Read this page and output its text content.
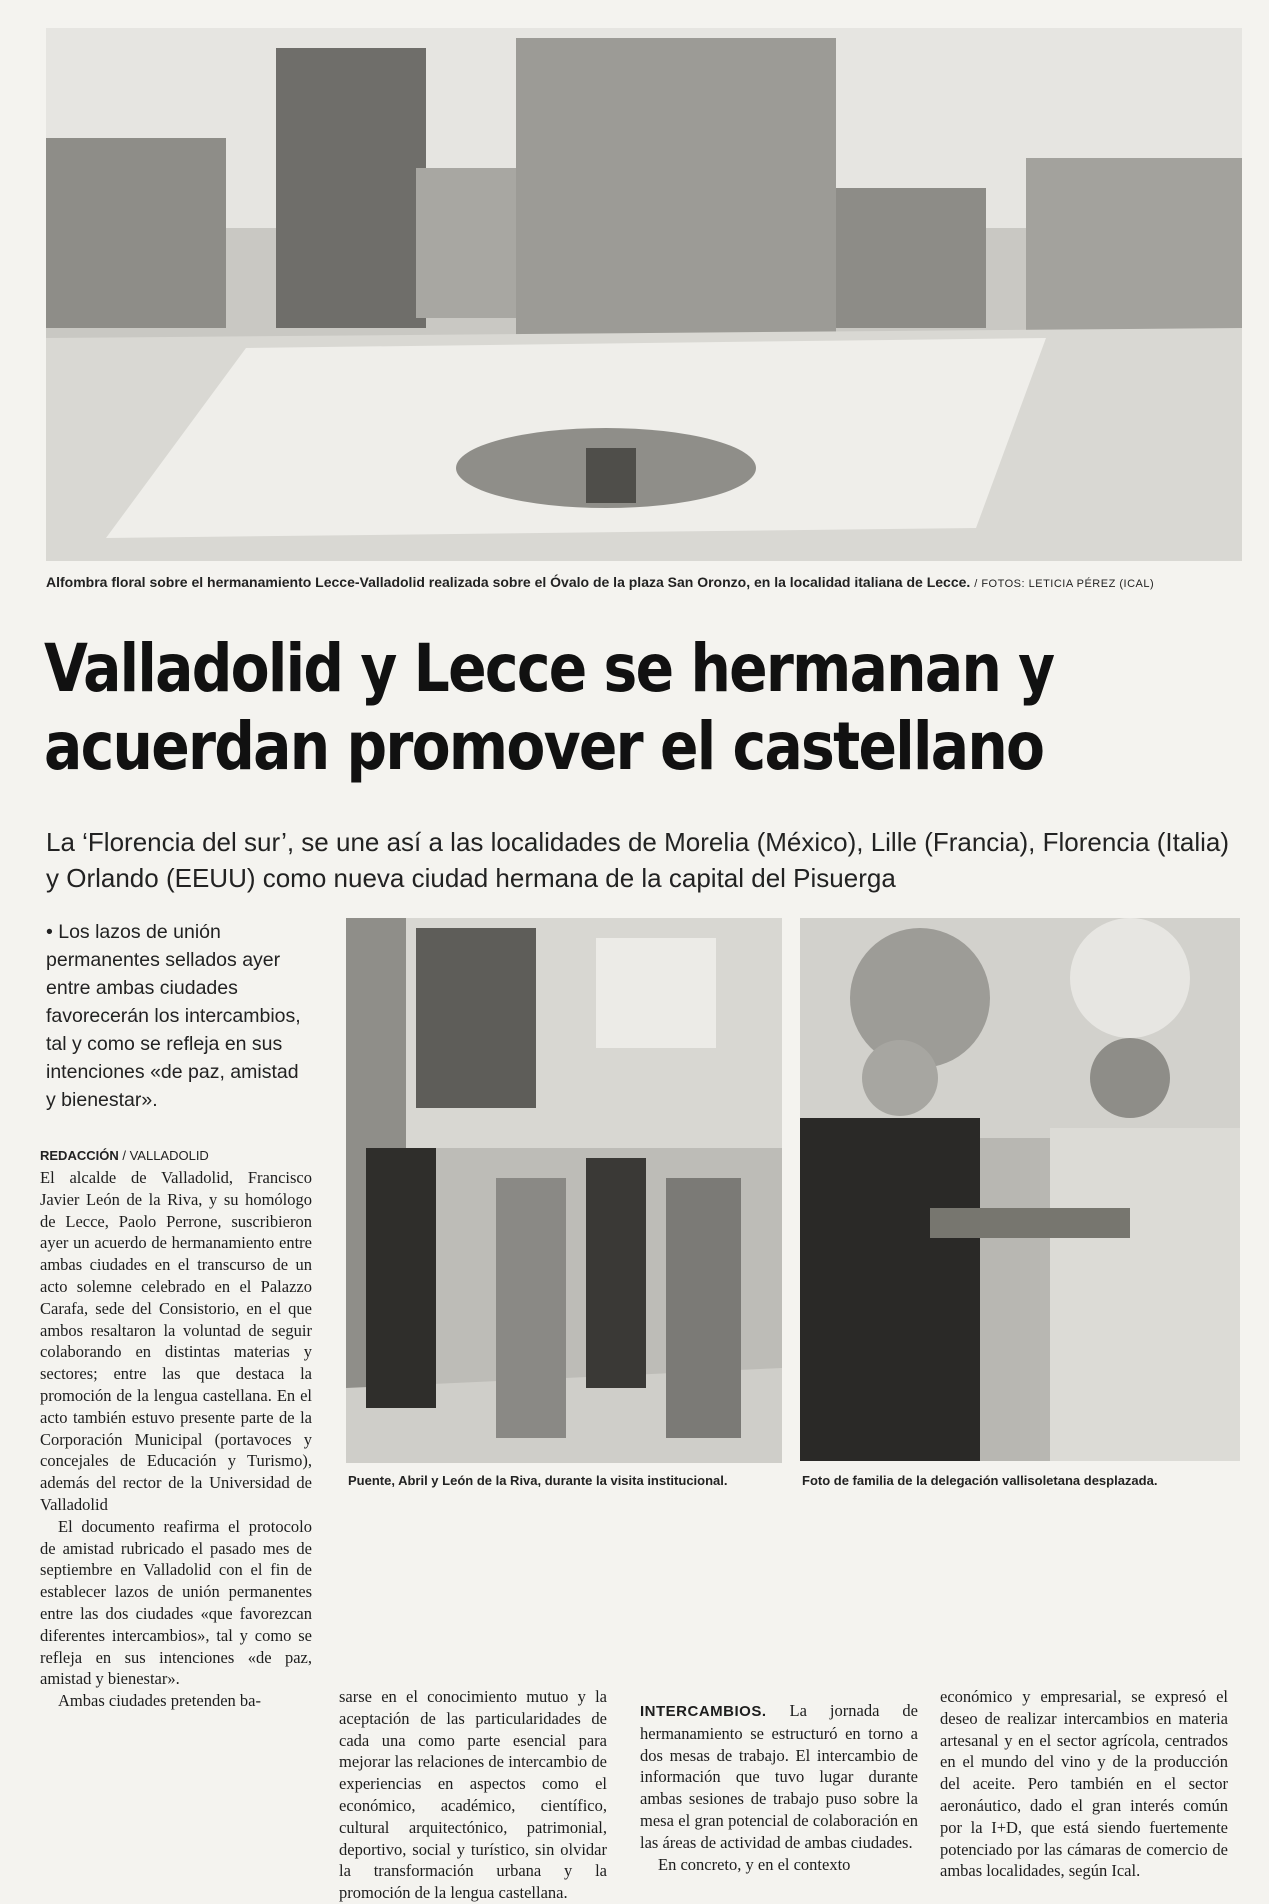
Alfombra floral sobre el hermanamiento Lecce-Valladolid realizada sobre el Óvalo de la plaza San Oronzo, en la localidad italiana de Lecce. / FOTOS: LETICIA PÉREZ (ICAL)
Valladolid y Lecce se hermanan y
acuerdan promover el castellano
La ‘Florencia del sur’, se une así a las localidades de Morelia (México), Lille (Francia), Florencia (Italia) y Orlando (EEUU) como nueva ciudad hermana de la capital del Pisuerga
• Los lazos de unión permanentes sellados ayer entre ambas ciudades favorecerán los intercambios, tal y como se refleja en sus intenciones «de paz, amistad y bienestar».
REDACCIÓN / VALLADOLID
Puente, Abril y León de la Riva, durante la visita institucional.	Foto de familia de la delegación vallisoletana desplazada.

El alcalde de Valladolid, Francisco Javier León de la Riva, y su homólogo de Lecce, Paolo Perrone, suscribieron ayer un acuerdo de hermanamiento entre ambas ciudades en el transcurso de un acto solemne celebrado en el Palazzo Carafa, sede del Consistorio, en el que ambos resaltaron la voluntad de seguir colaborando en distintas materias y sectores; entre las que destaca la promoción de la lengua castellana. En el acto también estuvo presente parte de la Corporación Municipal (portavoces y concejales de Educación y Turismo), además del rector de la Universidad de Valladolid

El documento reafirma el protocolo de amistad rubricado el pasado mes de septiembre en Valladolid con el fin de establecer lazos de unión permanentes entre las dos ciudades «que favorezcan diferentes intercambios», tal y como se refleja en sus intenciones «de paz, amistad y bienestar».

Ambas ciudades pretenden ba-	sarse en el conocimiento mutuo y la aceptación de las particularidades de cada una como parte esencial para mejorar las relaciones de intercambio de experiencias en aspectos como el económico, académico, científico, cultural arquitectónico, patrimonial, deportivo, social y turístico, sin olvidar la transformación urbana y la promoción de la lengua castellana.

INTERCAMBIOS. La jornada de hermanamiento se estructuró en torno a dos mesas de trabajo. El intercambio de información que tuvo lugar durante ambas sesiones de trabajo puso sobre la mesa el gran potencial de colaboración en las áreas de actividad de ambas ciudades.

En concreto, y en el contexto

económico y empresarial, se expresó el deseo de realizar intercambios en materia artesanal y en el sector agrícola, centrados en el mundo del vino y de la producción del aceite. Pero también en el sector aeronáutico, dado el gran interés común por la I+D, que está siendo fuertemente potenciado por las cámaras de comercio de ambas localidades, según Ical.
